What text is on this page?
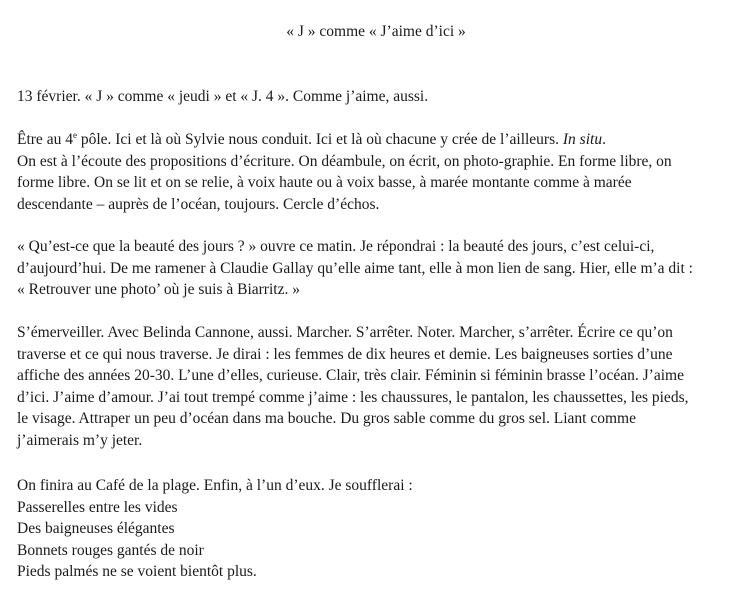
« J » comme « J’aime d’ici »

13 février. « J » comme « jeudi » et « J. 4 ». Comme j’aime, aussi.

Être au 4e pôle. Ici et là où Sylvie nous conduit. Ici et là où chacune y crée de l’ailleurs. In situ.
On est à l’écoute des propositions d’écriture. On déambule, on écrit, on photo-graphie. En forme libre, on
forme libre. On se lit et on se relie, à voix haute ou à voix basse, à marée montante comme à marée
descendante – auprès de l’océan, toujours. Cercle d’échos.

« Qu’est-ce que la beauté des jours ? » ouvre ce matin. Je répondrai : la beauté des jours, c’est celui-ci,
d’aujourd’hui. De me ramener à Claudie Gallay qu’elle aime tant, elle à mon lien de sang. Hier, elle m’a dit :
« Retrouver une photo’ où je suis à Biarritz. »

S’émerveiller. Avec Belinda Cannone, aussi. Marcher. S’arrêter. Noter. Marcher, s’arrêter. Écrire ce qu’on
traverse et ce qui nous traverse. Je dirai : les femmes de dix heures et demie. Les baigneuses sorties d’une
affiche des années 20-30. L’une d’elles, curieuse. Clair, très clair. Féminin si féminin brasse l’océan. J’aime
d’ici. J’aime d’amour. J’ai tout trempé comme j’aime : les chaussures, le pantalon, les chaussettes, les pieds,
le visage. Attraper un peu d’océan dans ma bouche. Du gros sable comme du gros sel. Liant comme
j’aimerais m’y jeter.

On finira au Café de la plage. Enfin, à l’un d’eux. Je soufflerai :
Passerelles entre les vides
Des baigneuses élégantes
Bonnets rouges gantés de noir
Pieds palmés ne se voient bientôt plus.
